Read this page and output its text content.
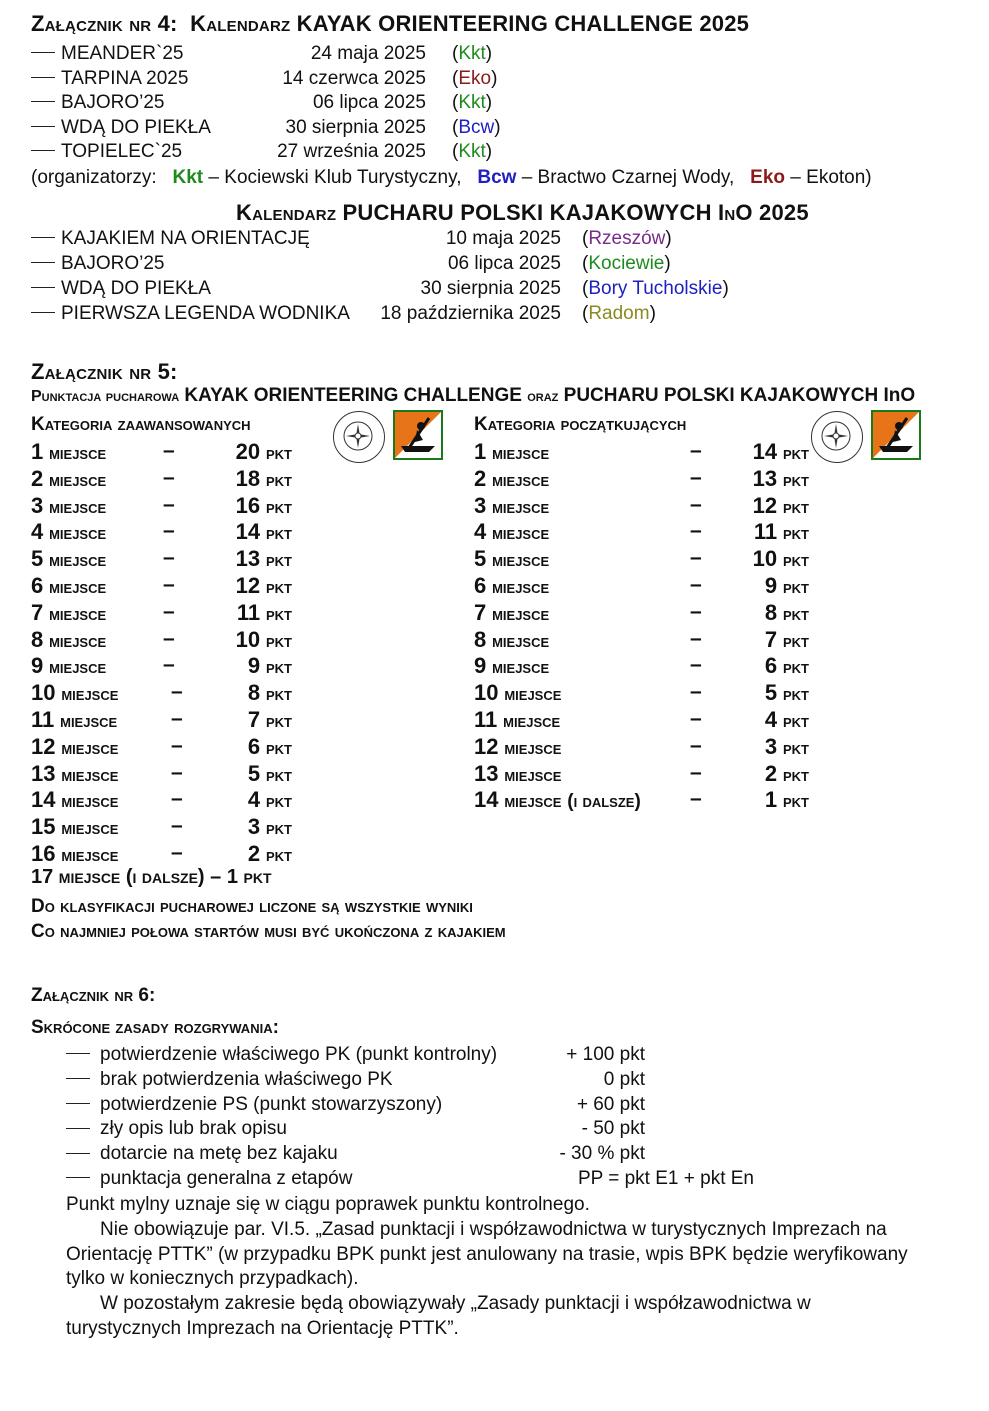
Załącznik nr 4: Kalendarz KAYAK ORIENTEERING CHALLENGE 2025
MEANDER`25	24 maja 2025 (Kkt)
TARPINA 2025	14 czerwca 2025 (Eko)
BAJORO’25	06 lipca 2025 (Kkt)
WDĄ DO PIEKŁA	30 sierpnia 2025 (Bcw)
TOPIELEC`25	27 września 2025 (Kkt)
(organizatorzy: Kkt – Kociewski Klub Turystyczny, Bcw – Bractwo Czarnej Wody, Eko – Ekoton)
Kalendarz PUCHARU POLSKI KAJAKOWYCH InO 2025
KAJAKIEM NA ORIENTACJĘ	10 maja 2025 (Rzeszów)
BAJORO’25	06 lipca 2025 (Kociewie)
WDĄ DO PIEKŁA	30 sierpnia 2025 (Bory Tucholskie)
PIERWSZA LEGENDA WODNIKA 18 października 2025 (Radom)
Załącznik nr 5:
Punktacja pucharowa KAYAK ORIENTEERING CHALLENGE oraz PUCHARU POLSKI KAJAKOWYCH InO
Kategoria zaawansowanych	Kategoria początkujących
1 miejsce	–	20 pkt
2 miejsce	–	18 pkt
3 miejsce	–	16 pkt
4 miejsce	–	14 pkt
5 miejsce	–	13 pkt
6 miejsce	–	12 pkt
7 miejsce	–	11 pkt
8 miejsce	–	10 pkt
9 miejsce	–	9 pkt
10 miejsce	–	8 pkt
11 miejsce	–	7 pkt
12 miejsce	–	6 pkt
13 miejsce	–	5 pkt
14 miejsce	–	4 pkt
15 miejsce	–	3 pkt
16 miejsce	–	2 pkt
1 miejsce	– 14 pkt
2 miejsce	– 13 pkt
3 miejsce	– 12 pkt
4 miejsce	– 11 pkt
5 miejsce	– 10 pkt
6 miejsce	–	9 pkt
7 miejsce	–	8 pkt
8 miejsce	–	7 pkt
9 miejsce	–	6 pkt
10 miejsce	–	5 pkt
11 miejsce	–	4 pkt
12 miejsce	–	3 pkt
13 miejsce	–	2 pkt
14 miejsce (i dalsze) –	1 pkt
17 miejsce (i dalsze) – 1 pkt
Do klasyfikacji pucharowej liczone są wszystkie wyniki
Co najmniej połowa startów musi być ukończona z kajakiem
Załącznik nr 6:
Skrócone zasady rozgrywania:
potwierdzenie właściwego PK (punkt kontrolny)	+ 100 pkt
brak potwierdzenia właściwego PK	0 pkt
potwierdzenie PS (punkt stowarzyszony)	+ 60 pkt
zły opis lub brak opisu	- 50 pkt
dotarcie na metę bez kajaku	- 30 % pkt
punktacja generalna z etapów	PP = pkt E1 + pkt En
Punkt mylny uznaje się w ciągu poprawek punktu kontrolnego.
Nie obowiązuje par. VI.5. „Zasad punktacji i współzawodnictwa w turystycznych Imprezach na
Orientację PTTK” (w przypadku BPK punkt jest anulowany na trasie, wpis BPK będzie weryfikowany
tylko w koniecznych przypadkach).
W pozostałym zakresie będą obowiązywały „Zasady punktacji i współzawodnictwa w
turystycznych Imprezach na Orientację PTTK”.
